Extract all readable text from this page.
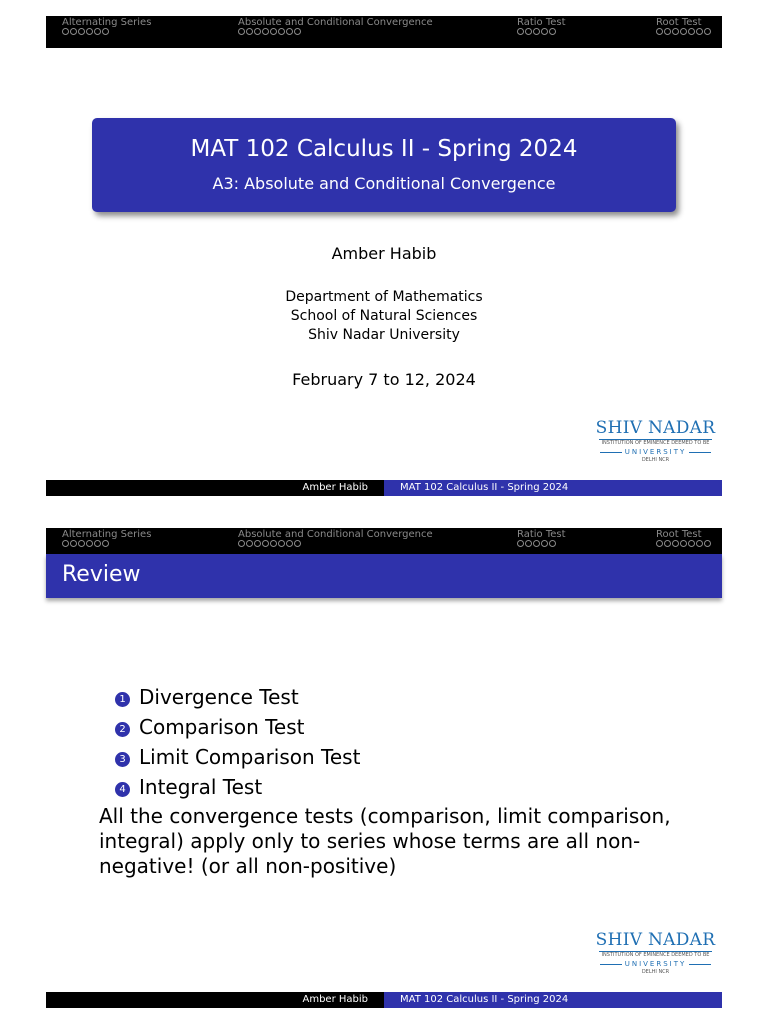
Alternating Series	Absolute and Conditional Convergence	Ratio Test	Root Test
MAT 102 Calculus II - Spring 2024
A3: Absolute and Conditional Convergence
Amber Habib
Department of Mathematics
School of Natural Sciences
Shiv Nadar University
February 7 to 12, 2024
SHIV NADAR
INSTITUTION OF EMINENCE DEEMED TO BE
UNIVERSITY
DELHI NCR
Amber Habib	MAT 102 Calculus II - Spring 2024
Alternating Series	Absolute and Conditional Convergence	Ratio Test	Root Test
Review
1 Divergence Test
2 Comparison Test
3 Limit Comparison Test
4 Integral Test
All the convergence tests (comparison, limit comparison, integral) apply only to series whose terms are all non-negative! (or all non-positive)
SHIV NADAR
INSTITUTION OF EMINENCE DEEMED TO BE
UNIVERSITY
DELHI NCR
Amber Habib	MAT 102 Calculus II - Spring 2024
